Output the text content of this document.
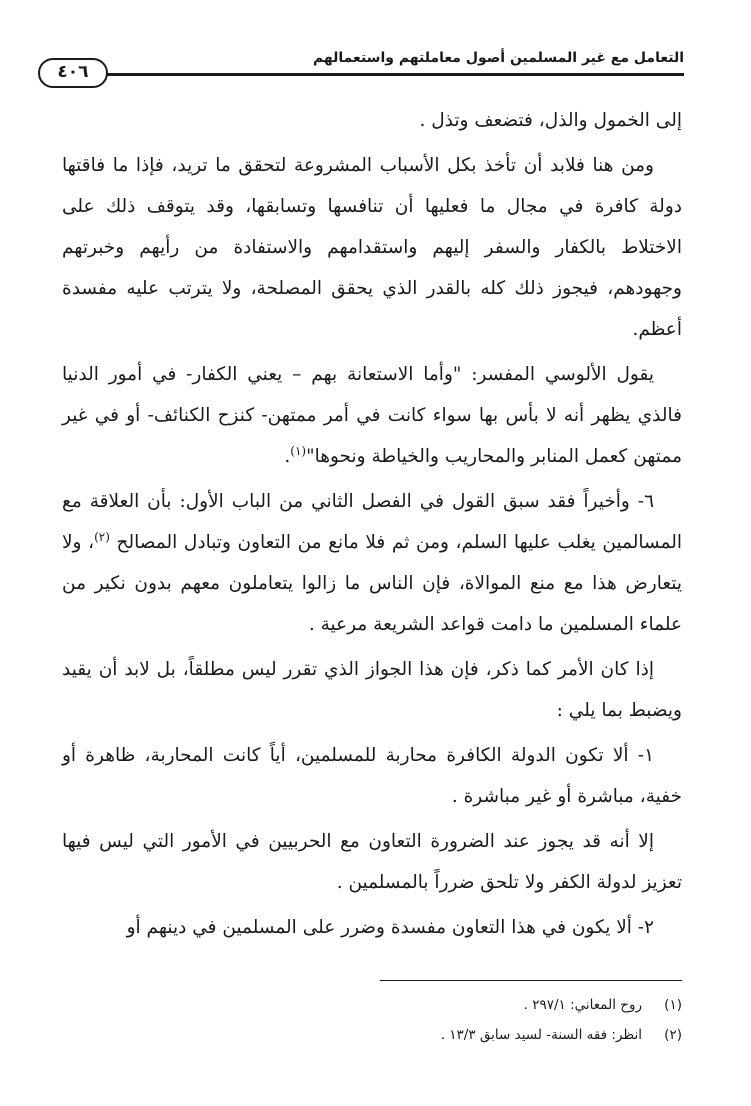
التعامل مع غير المسلمين أصول معاملتهم واستعمالهم
٤٠٦

إلى الخمول والذل، فتضعف وتذل .

ومن هنا فلابد أن تأخذ بكل الأسباب المشروعة لتحقق ما تريد، فإذا ما فاقتها دولة كافرة في مجال ما فعليها أن تنافسها وتسابقها، وقد يتوقف ذلك على الاختلاط بالكفار والسفر إليهم واستقدامهم والاستفادة من رأيهم وخبرتهم وجهودهم، فيجوز ذلك كله بالقدر الذي يحقق المصلحة، ولا يترتب عليه مفسدة أعظم.

يقول الألوسي المفسر: "وأما الاستعانة بهم – يعني الكفار- في أمور الدنيا فالذي يظهر أنه لا بأس بها سواء كانت في أمر ممتهن- كنزح الكنائف- أو في غير ممتهن كعمل المنابر والمحاريب والخياطة ونحوها"$^{(١)}$.

٦- وأخيراً فقد سبق القول في الفصل الثاني من الباب الأول: بأن العلاقة مع المسالمين يغلب عليها السلم، ومن ثم فلا مانع من التعاون وتبادل المصالح $^{(٢)}$، ولا يتعارض هذا مع منع الموالاة، فإن الناس ما زالوا يتعاملون معهم بدون نكير من علماء المسلمين ما دامت قواعد الشريعة مرعية .

إذا كان الأمر كما ذكر، فإن هذا الجواز الذي تقرر ليس مطلقاً، بل لابد أن يقيد ويضبط بما يلي :

١- ألا تكون الدولة الكافرة محاربة للمسلمين، أياً كانت المحاربة، ظاهرة أو خفية، مباشرة أو غير مباشرة .

إلا أنه قد يجوز عند الضرورة التعاون مع الحربيين في الأمور التي ليس فيها تعزيز لدولة الكفر ولا تلحق ضرراً بالمسلمين .

٢- ألا يكون في هذا التعاون مفسدة وضرر على المسلمين في دينهم أو

(١)روح المعاني: ٢٩٧/١ .
(٢)انظر: فقه السنة- لسيد سابق ١٣/٣ .
